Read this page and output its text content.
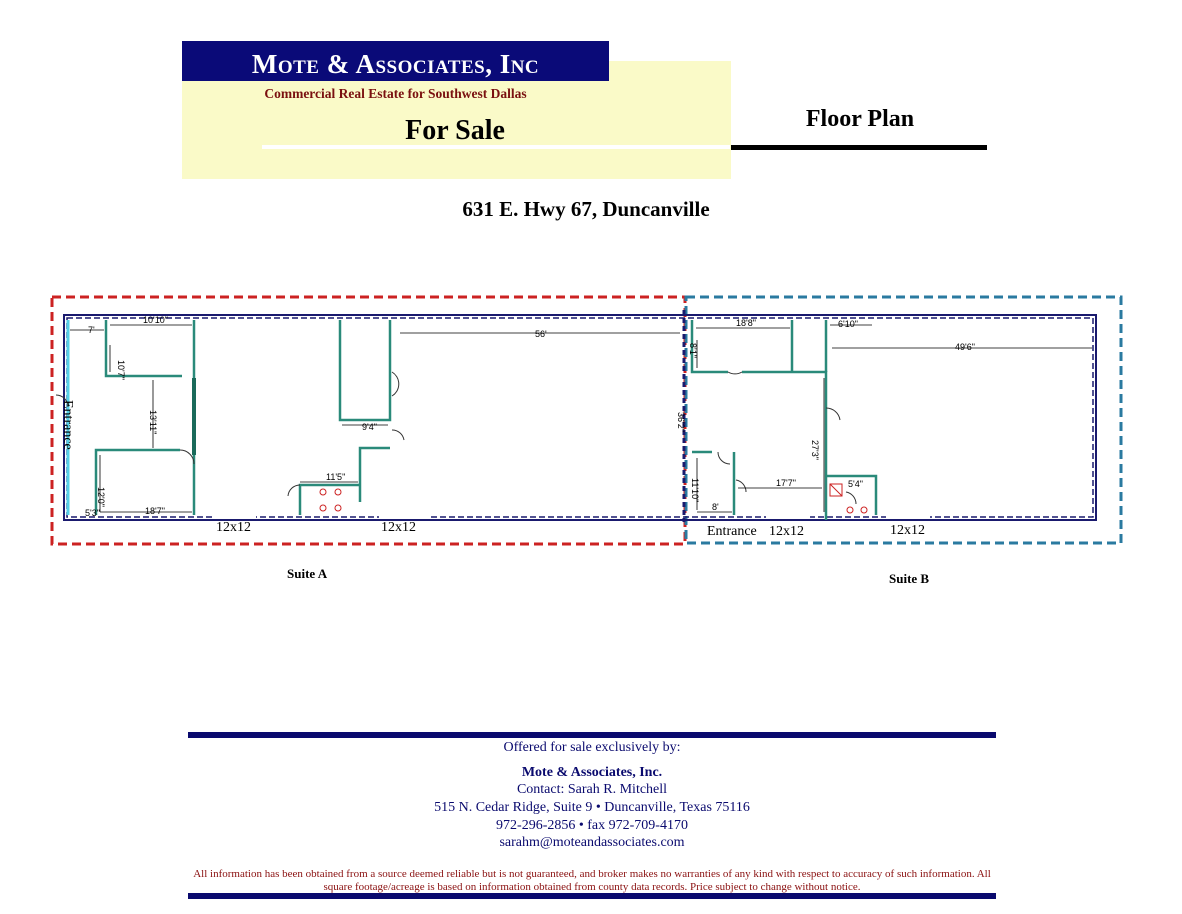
Mote & Associates, Inc
Commercial Real Estate for Southwest Dallas
For Sale	Floor Plan
631 E. Hwy 67, Duncanville
7'
10'10"
10'7"
13'11"
12'0"
18'7"
5'3"
11'5"
9'4"
56'
Entrance
12x12	12x12
18'8"	6'10"
49'6"
8'1"
36'2"
27'3"
17'7"
11'10"
8'
5'4"
Entrance 12x12	12x12
Suite A	Suite B
Offered for sale exclusively by:
Mote & Associates, Inc.
Contact: Sarah R. Mitchell
515 N. Cedar Ridge, Suite 9 • Duncanville, Texas 75116
972-296-2856 • fax 972-709-4170
sarahm@moteandassociates.com
All information has been obtained from a source deemed reliable but is not guaranteed, and broker makes no warranties of any kind with respect to accuracy of such information. All square footage/acreage is based on information obtained from county data records. Price subject to change without notice.
